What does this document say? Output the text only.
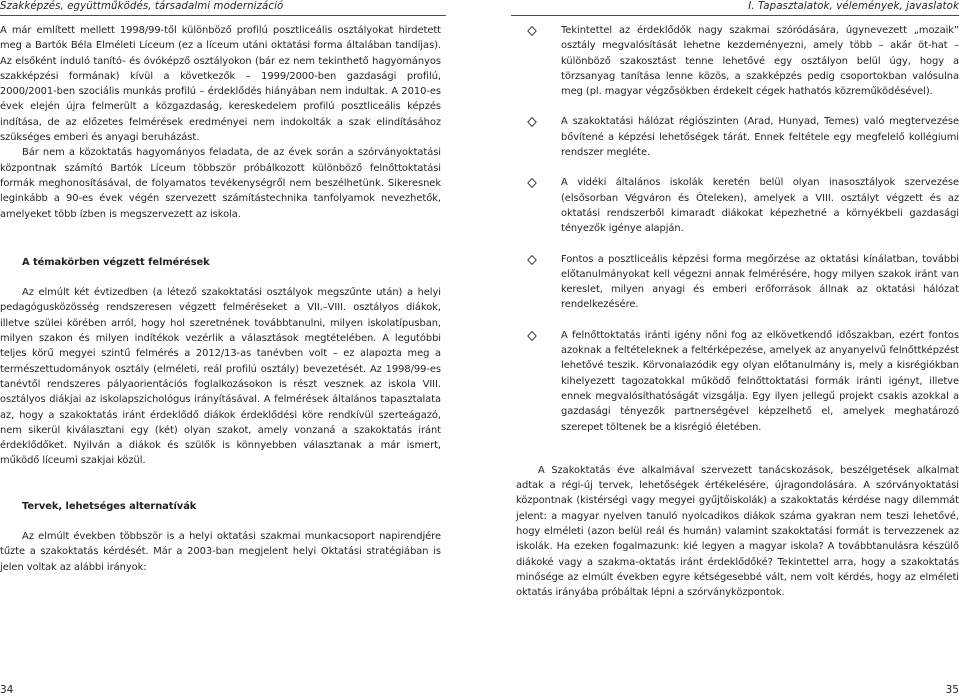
Szakképzés, együttműködés, társadalmi modernizáció	I. Tapasztalatok, vélemények, javaslatok

A már említett mellett 1998/99-től különböző profilú posztliceális osztályokat hirdetett meg a Bartók Béla Elméleti Líceum (ez a líceum utáni oktatási forma általában tandíjas). Az elsőként induló tanító- és óvóképző osztályokon (bár ez nem tekinthető hagyományos szakképzési formának) kívül a következők – 1999/2000-ben gazdasági profilú, 2000/2001-ben szociális munkás profilú – érdeklődés hiányában nem indultak. A 2010-es évek elején újra felmerült a közgazdaság, kereskedelem profilú posztliceális képzés indítása, de az előzetes felmérések eredményei nem indokolták a szak elindításához szükséges emberi és anyagi beruházást.

Bár nem a közoktatás hagyományos feladata, de az évek során a szórványoktatási központnak számító Bartók Líceum többször próbálkozott különböző felnőttoktatási formák meghonosításával, de folyamatos tevékenységről nem beszélhetünk. Sikeresnek leginkább a 90-es évek végén szervezett számítástechnika tanfolyamok nevezhetők, amelyeket több ízben is megszervezett az iskola.

A témakörben végzett felmérések

Az elmúlt két évtizedben (a létező szakoktatási osztályok megszűnte után) a helyi pedagógusközösség rendszeresen végzett felméréseket a VII.–VIII. osztályos diákok, illetve szülei körében arról, hogy hol szeretnének továbbtanulni, milyen iskolatípusban, milyen szakon és milyen indítékok vezérlik a választások megtételében. A legutóbbi teljes körű megyei szintű felmérés a 2012/13-as tanévben volt – ez alapozta meg a természettudományok osztály (elméleti, reál profilú osztály) bevezetését. Az 1998/99-es tanévtől rendszeres pályaorientációs foglalkozásokon is részt vesznek az iskola VIII. osztályos diákjai az iskolapszichológus irányításával. A felmérések általános tapasztalata az, hogy a szakoktatás iránt érdeklődő diákok érdeklődési köre rendkívül szerteágazó, nem sikerül kiválasztani egy (két) olyan szakot, amely vonzaná a szakoktatás iránt érdeklődőket. Nyilván a diákok és szülők is könnyebben választanak a már ismert, működő líceumi szakjai közül.

Tervek, lehetséges alternatívák

Az elmúlt években többször is a helyi oktatási szakmai munkacsoport napirendjére tűzte a szakoktatás kérdését. Már a 2003-ban megjelent helyi Oktatási stratégiában is jelen voltak az alábbi irányok:

Tekintettel az érdeklődők nagy szakmai szóródására, úgynevezett „mozaik” osztály megvalósítását lehetne kezdeményezni, amely több – akár öt-hat – különböző szakosztást tenne lehetővé egy osztályon belül úgy, hogy a törzsanyag tanítása lenne közös, a szakképzés pedig csoportokban valósulna meg (pl. magyar végzősökben érdekelt cégek hathatós közreműködésével).

A szakoktatási hálózat régiószinten (Arad, Hunyad, Temes) való megtervezése bővítené a képzési lehetőségek tárát. Ennek feltétele egy megfelelő kollégiumi rendszer megléte.

A vidéki általános iskolák keretén belül olyan inasosztályok szervezése (elsősorban Végváron és Óteleken), amelyek a VIII. osztályt végzett és az oktatási rendszerből kimaradt diákokat képezhetné a környékbeli gazdasági tényezők igénye alapján.

Fontos a posztliceális képzési forma megőrzése az oktatási kínálatban, további előtanulmányokat kell végezni annak felmérésére, hogy milyen szakok iránt van kereslet, milyen anyagi és emberi erőforrások állnak az oktatási hálózat rendelkezésére.

A felnőttoktatás iránti igény nőni fog az elkövetkendő időszakban, ezért fontos azoknak a feltételeknek a feltérképezése, amelyek az anyanyelvű felnőttképzést lehetővé teszik. Körvonalazódik egy olyan előtanulmány is, mely a kisrégiókban kihelyezett tagozatokkal működő felnőttoktatási formák iránti igényt, illetve ennek megvalósíthatóságát vizsgálja. Egy ilyen jellegű projekt csakis azokkal a gazdasági tényezők partnerségével képzelhető el, amelyek meghatározó szerepet töltenek be a kisrégió életében.

A Szakoktatás éve alkalmával szervezett tanácskozások, beszélgetések alkalmat adtak a régi-új tervek, lehetőségek értékelésére, újragondolására. A szórványoktatási központnak (kistérségi vagy megyei gyűjtőiskolák) a szakoktatás kérdése nagy dilemmát jelent: a magyar nyelven tanuló nyolcadikos diákok száma gyakran nem teszi lehetővé, hogy elméleti (azon belül reál és humán) valamint szakoktatási formát is tervezzenek az iskolák. Ha ezeken fogalmazunk: kié legyen a magyar iskola? A továbbtanulásra készülő diákoké vagy a szakma-oktatás iránt érdeklődőké? Tekintettel arra, hogy a szakoktatás minősége az elmúlt években egyre kétségesebbé vált, nem volt kérdés, hogy az elméleti oktatás irányába próbáltak lépni a szórványközpontok.

34	35
